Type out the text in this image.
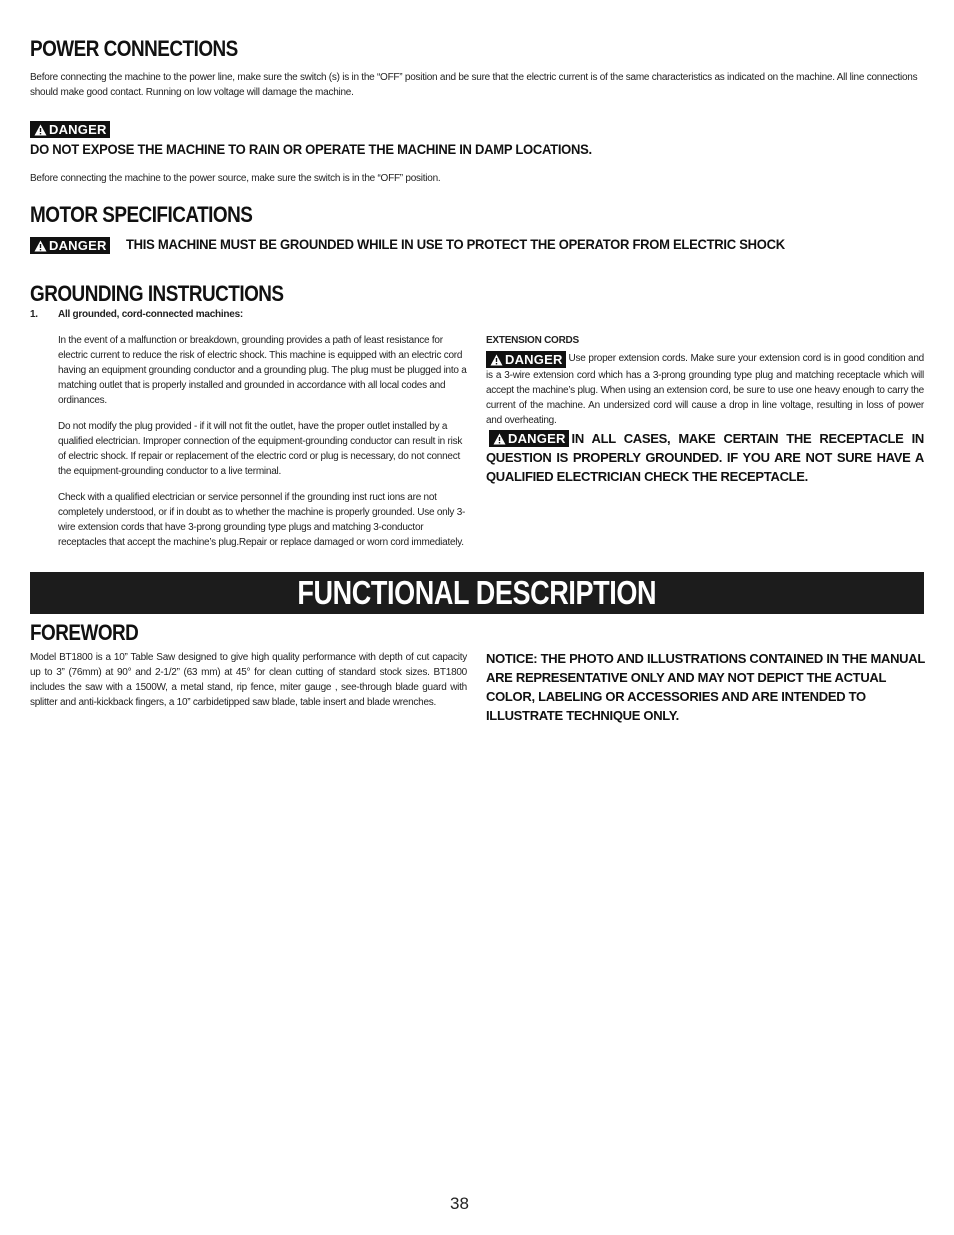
POWER CONNECTIONS
Before connecting the machine to the power line, make sure the switch (s) is in the “OFF” position and be sure that the electric current is of the same characteristics as indicated on the machine. All line connections should make good contact. Running on low voltage will damage the machine.
DANGER
DO NOT EXPOSE THE MACHINE TO RAIN OR OPERATE THE MACHINE IN DAMP LOCATIONS.
Before connecting the machine to the power source, make sure the switch is in the “OFF” position.
MOTOR SPECIFICATIONS
DANGER THIS MACHINE MUST BE GROUNDED WHILE IN USE TO PROTECT THE OPERATOR FROM ELECTRIC SHOCK
GROUNDING INSTRUCTIONS
1. All grounded, cord-connected machines:
In the event of a malfunction or breakdown, grounding provides a path of least resistance for electric current to reduce the risk of electric shock. This machine is equipped with an electric cord having an equipment grounding conductor and a grounding plug. The plug must be plugged into a matching outlet that is properly installed and grounded in accordance with all local codes and ordinances.
Do not modify the plug provided - if it will not fit the outlet, have the proper outlet installed by a qualified electrician. Improper connection of the equipment-grounding conductor can result in risk of electric shock. If repair or replacement of the electric cord or plug is necessary, do not connect the equipment-grounding conductor to a live terminal.
Check with a qualified electrician or service personnel if the grounding inst ruct ions are not completely understood, or if in doubt as to whether the machine is properly grounded. Use only 3-wire extension cords that have 3-prong grounding type plugs and matching 3-conductor receptacles that accept the machine’s plug.Repair or replace damaged or worn cord immediately.
EXTENSION CORDS
DANGER Use proper extension cords. Make sure your extension cord is in good condition and is a 3-wire extension cord which has a 3-prong grounding type plug and matching receptacle which will accept the machine’s plug. When using an extension cord, be sure to use one heavy enough to carry the current of the machine. An undersized cord will cause a drop in line voltage, resulting in loss of power and overheating.
DANGER IN ALL CASES, MAKE CERTAIN THE RECEPTACLE IN QUESTION IS PROPERLY GROUNDED. IF YOU ARE NOT SURE HAVE A QUALIFIED ELECTRICIAN CHECK THE RECEPTACLE.
FUNCTIONAL DESCRIPTION
FOREWORD
Model BT1800 is a 10” Table Saw designed to give high quality performance with depth of cut capacity up to 3” (76mm) at 90° and 2-1/2” (63 mm) at 45° for clean cutting of standard stock sizes. BT1800 includes the saw with a 1500W, a metal stand, rip fence, miter gauge , see-through blade guard with splitter and anti-kickback fingers, a 10” carbidetipped saw blade, table insert and blade wrenches.
NOTICE: THE PHOTO AND ILLUSTRATIONS CONTAINED IN THE MANUAL ARE REPRESENTATIVE ONLY AND MAY NOT DEPICT THE ACTUAL COLOR, LABELING OR ACCESSORIES AND ARE INTENDED TO ILLUSTRATE TECHNIQUE ONLY.
38
